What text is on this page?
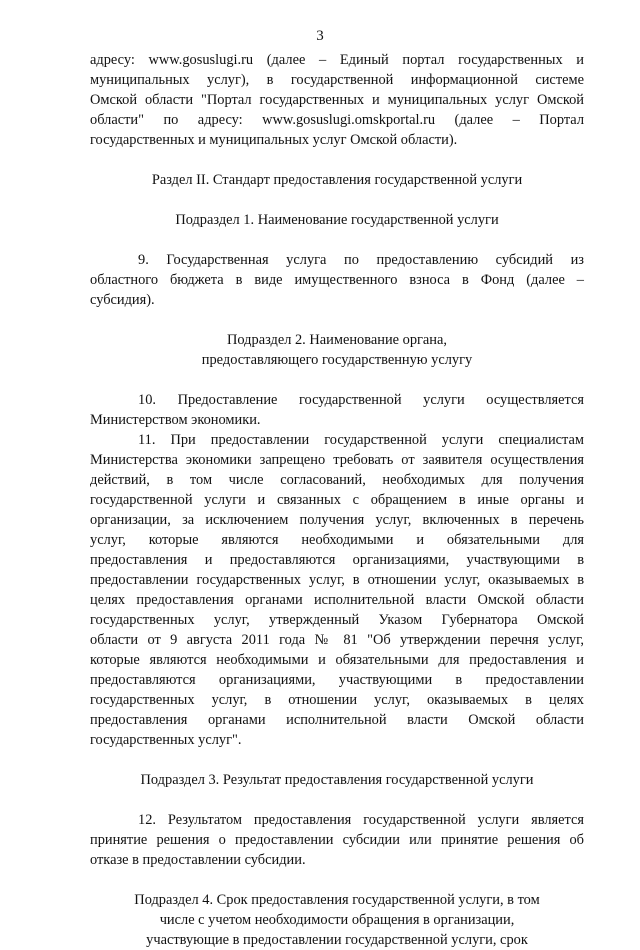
3
адресу: www.gosuslugi.ru (далее – Единый портал государственных и
муниципальных услуг), в государственной информационной системе
Омской области "Портал государственных и муниципальных услуг Омской
области" по адресу: www.gosuslugi.omskportal.ru (далее – Портал
государственных и муниципальных услуг Омской области).

Раздел II. Стандарт предоставления государственной услуги

Подраздел 1. Наименование государственной услуги

9. Государственная услуга по предоставлению субсидий из
областного бюджета в виде имущественного взноса в Фонд (далее –
субсидия).
Подраздел 2. Наименование органа,
предоставляющего государственную услугу
10. Предоставление государственной услуги осуществляется
Министерством экономики.
11. При предоставлении государственной услуги специалистам
Министерства экономики запрещено требовать от заявителя осуществления
действий, в том числе согласований, необходимых для получения
государственной услуги и связанных с обращением в иные органы и
организации, за исключением получения услуг, включенных в перечень
услуг, которые являются необходимыми и обязательными для
предоставления и предоставляются организациями, участвующими в
предоставлении государственных услуг, в отношении услуг, оказываемых в
целях предоставления органами исполнительной власти Омской области
государственных услуг, утвержденный Указом Губернатора Омской
области от 9 августа 2011 года № 81 "Об утверждении перечня услуг,
которые являются необходимыми и обязательными для предоставления и
предоставляются организациями, участвующими в предоставлении
государственных услуг, в отношении услуг, оказываемых в целях
предоставления органами исполнительной власти Омской области
государственных услуг".

Подраздел 3. Результат предоставления государственной услуги

12. Результатом предоставления государственной услуги является
принятие решения о предоставлении субсидии или принятие решения об
отказе в предоставлении субсидии.
Подраздел 4. Срок предоставления государственной услуги, в том
числе с учетом необходимости обращения в организации,
участвующие в предоставлении государственной услуги, срок
